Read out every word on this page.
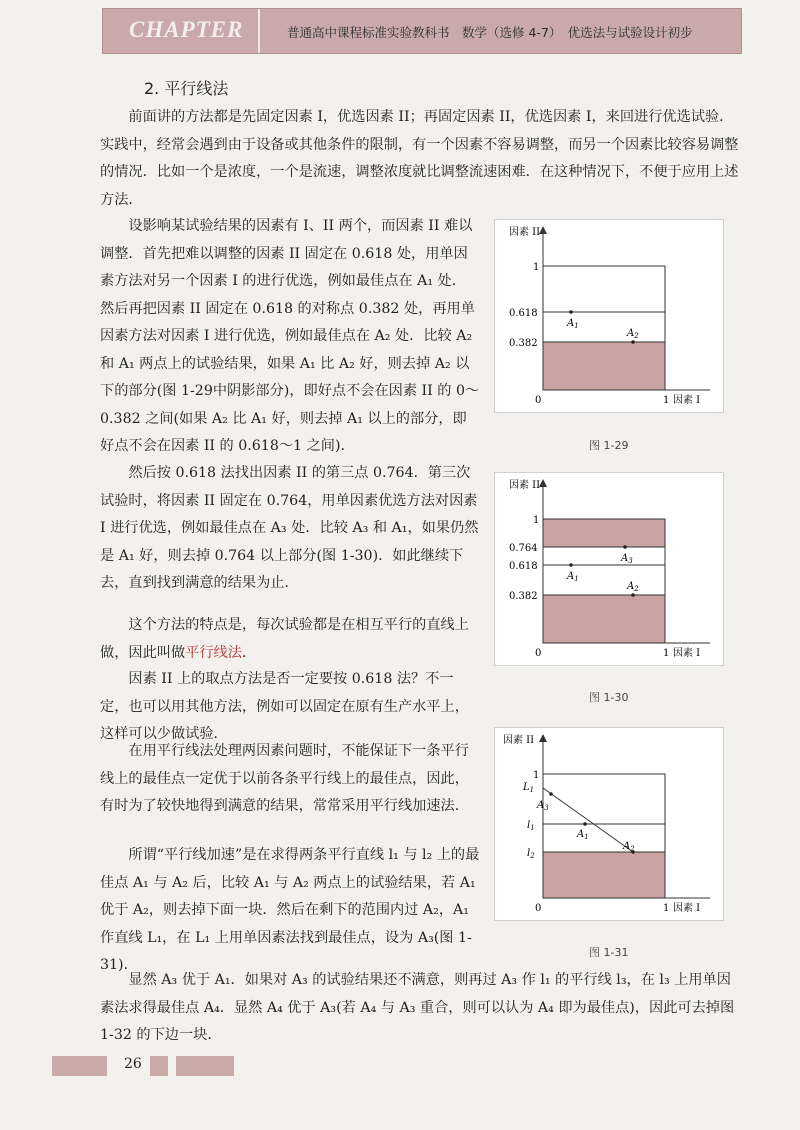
CHAPTER	普通高中课程标准实验教科书　数学（选修 4-7）　优选法与试验设计初步
2. 平行线法

　　前面讲的方法都是先固定因素 I，优选因素 II；再固定因素 II，优选因素 I，来回进行优选试验．实践中，经常会遇到由于设备或其他条件的限制，有一个因素不容易调整，而另一个因素比较容易调整的情况．比如一个是浓度，一个是流速，调整浓度就比调整流速困难．在这种情况下，不便于应用上述方法．

　　设影响某试验结果的因素有 I、II 两个，而因素 II 难以调整．首先把难以调整的因素 II 固定在 0.618 处，用单因素方法对另一个因素 I 的进行优选，例如最佳点在 A₁ 处．然后再把因素 II 固定在 0.618 的对称点 0.382 处，再用单因素方法对因素 I 进行优选，例如最佳点在 A₂ 处．比较 A₂ 和 A₁ 两点上的试验结果，如果 A₁ 比 A₂ 好，则去掉 A₂ 以下的部分(图 1-29中阴影部分)，即好点不会在因素 II 的 0～0.382 之间(如果 A₂ 比 A₁ 好，则去掉 A₁ 以上的部分，即好点不会在因素 II 的 0.618～1 之间)．

　　然后按 0.618 法找出因素 II 的第三点 0.764．第三次试验时，将因素 II 固定在 0.764，用单因素优选方法对因素 I 进行优选，例如最佳点在 A₃ 处．比较 A₃ 和 A₁，如果仍然是 A₁ 好，则去掉 0.764 以上部分(图 1-30)．如此继续下去，直到找到满意的结果为止．

　　这个方法的特点是，每次试验都是在相互平行的直线上做，因此叫做平行线法．

　　因素 II 上的取点方法是否一定要按 0.618 法？不一定，也可以用其他方法，例如可以固定在原有生产水平上，这样可以少做试验．

　　在用平行线法处理两因素问题时，不能保证下一条平行线上的最佳点一定优于以前各条平行线上的最佳点，因此，有时为了较快地得到满意的结果，常常采用平行线加速法．

　　所谓“平行线加速”是在求得两条平行直线 l₁ 与 l₂ 上的最佳点 A₁ 与 A₂ 后，比较 A₁ 与 A₂ 两点上的试验结果，若 A₁ 优于 A₂，则去掉下面一块．然后在剩下的范围内过 A₂，A₁ 作直线 L₁，在 L₁ 上用单因素法找到最佳点，设为 A₃(图 1-31)．

　　显然 A₃ 优于 A₁．如果对 A₃ 的试验结果还不满意，则再过 A₃ 作 l₁ 的平行线 l₃，在 l₃ 上用单因素法求得最佳点 A₄．显然 A₄ 优于 A₃(若 A₄ 与 A₃ 重合，则可以认为 A₄ 即为最佳点)，因此可去掉图 1-32 的下边一块．

因素 II
因素 I
0	1
1
0.618
0.382
$A_1$
$A_2$
图 1-29
因素 II
因素 I
0	1
1
0.764
0.618
0.382
$A_1$
$A_2$
$A_3$
图 1-30
因素 II
因素 I
0	1
1
$l_1$
$l_2$
$L_1$
$A_3$
$A_1$
$A_2$
图 1-31
26
